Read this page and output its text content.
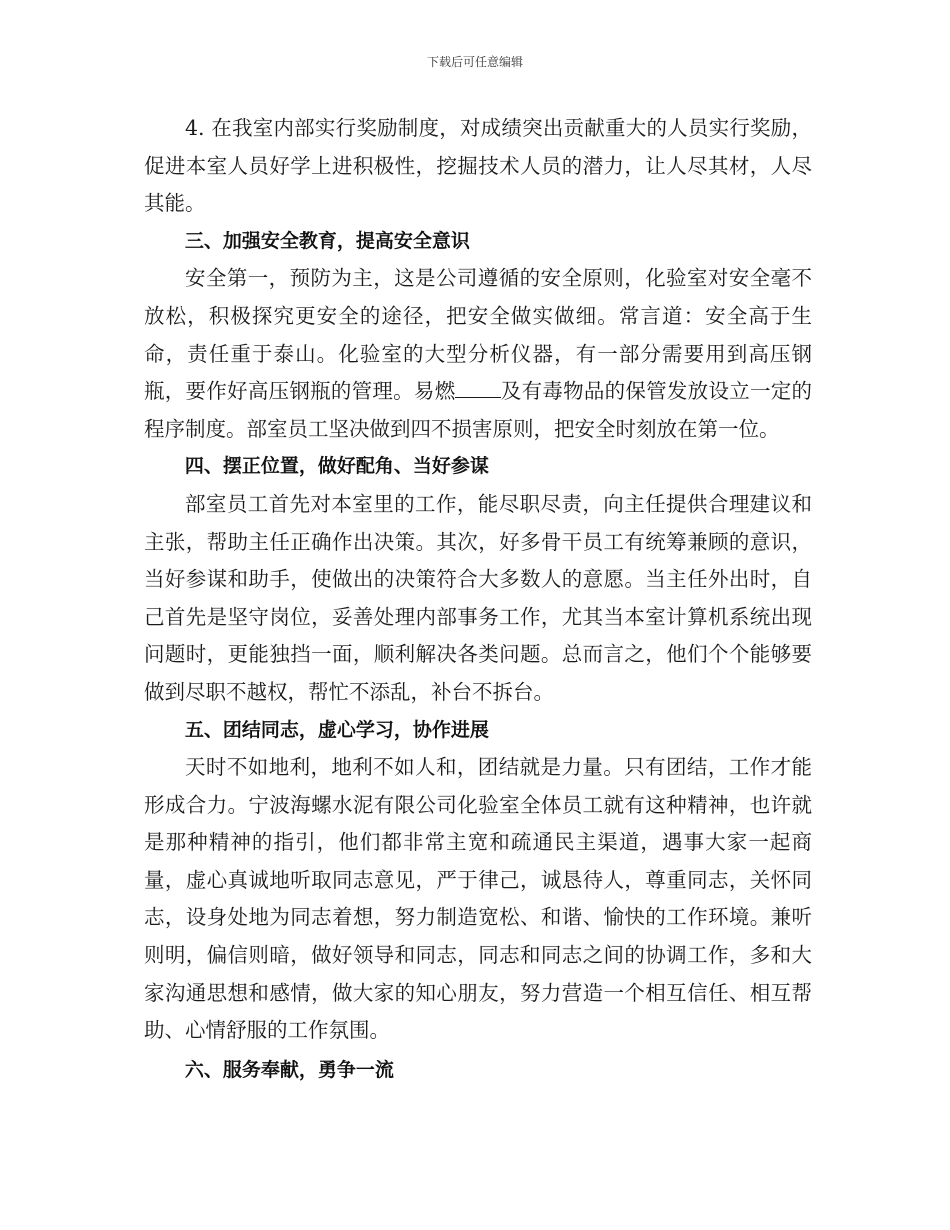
下载后可任意编辑

4. 在我室内部实行奖励制度，对成绩突出贡献重大的人员实行奖励，促进本室人员好学上进积极性，挖掘技术人员的潜力，让人尽其材，人尽其能。

三、加强安全教育，提高安全意识

安全第一，预防为主，这是公司遵循的安全原则，化验室对安全毫不放松，积极探究更安全的途径，把安全做实做细。常言道：安全高于生命，责任重于泰山。化验室的大型分析仪器，有一部分需要用到高压钢瓶，要作好高压钢瓶的管理。易燃 及有毒物品的保管发放设立一定的程序制度。部室员工坚决做到四不损害原则，把安全时刻放在第一位。

四、摆正位置，做好配角、当好参谋

部室员工首先对本室里的工作，能尽职尽责，向主任提供合理建议和主张，帮助主任正确作出决策。其次，好多骨干员工有统筹兼顾的意识，当好参谋和助手，使做出的决策符合大多数人的意愿。当主任外出时，自己首先是坚守岗位，妥善处理内部事务工作，尤其当本室计算机系统出现问题时，更能独挡一面，顺利解决各类问题。总而言之，他们个个能够要做到尽职不越权，帮忙不添乱，补台不拆台。

五、团结同志，虚心学习，协作进展

天时不如地利，地利不如人和，团结就是力量。只有团结，工作才能形成合力。宁波海螺水泥有限公司化验室全体员工就有这种精神，也许就是那种精神的指引，他们都非常主宽和疏通民主渠道，遇事大家一起商量，虚心真诚地听取同志意见，严于律己，诚恳待人，尊重同志，关怀同志，设身处地为同志着想，努力制造宽松、和谐、愉快的工作环境。兼听则明，偏信则暗，做好领导和同志，同志和同志之间的协调工作，多和大家沟通思想和感情，做大家的知心朋友，努力营造一个相互信任、相互帮助、心情舒服的工作氛围。

六、服务奉献，勇争一流
